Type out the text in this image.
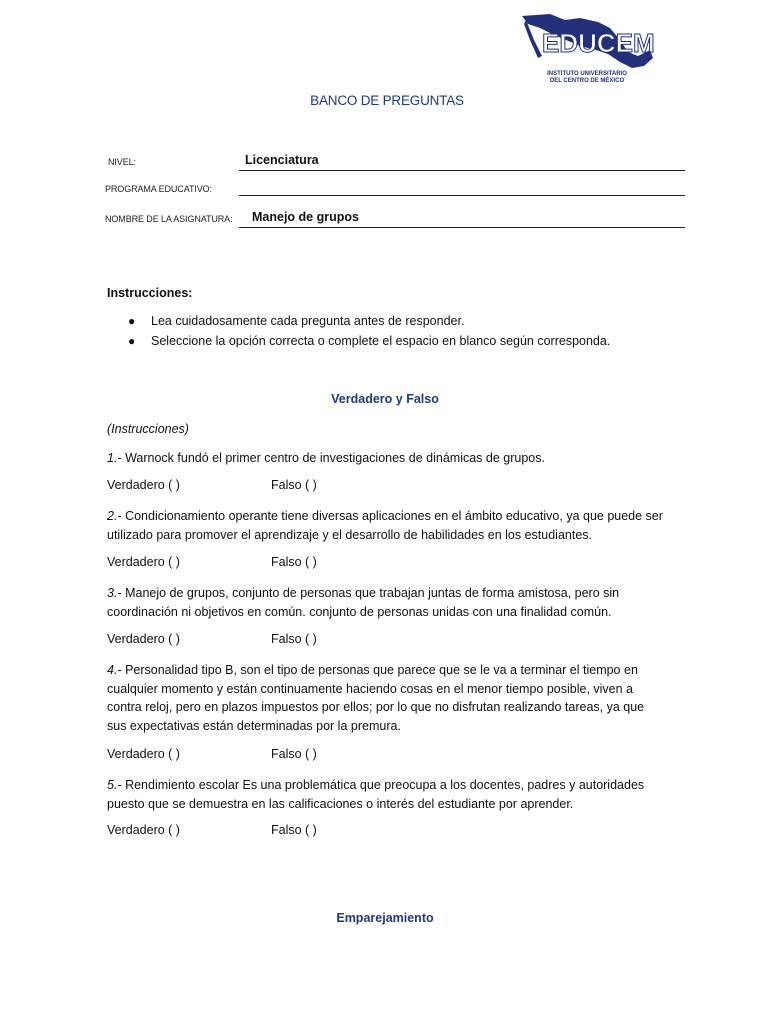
EDUCEM
INSTITUTO UNIVERSITARIO
DEL CENTRO DE MÉXICO
BANCO DE PREGUNTAS
NIVEL:	Licenciatura
PROGRAMA EDUCATIVO:
NOMBRE DE LA ASIGNATURA: Manejo de grupos
Instrucciones:
●	Lea cuidadosamente cada pregunta antes de responder.
●	Seleccione la opción correcta o complete el espacio en blanco según corresponda.
Verdadero y Falso
(Instrucciones)
1.- Warnock fundó el primer centro de investigaciones de dinámicas de grupos.
Verdadero ( )	Falso ( )
2.- Condicionamiento operante tiene diversas aplicaciones en el ámbito educativo, ya que puede ser utilizado para promover el aprendizaje y el desarrollo de habilidades en los estudiantes.
Verdadero ( )	Falso ( )
3.- Manejo de grupos, conjunto de personas que trabajan juntas de forma amistosa, pero sin coordinación ni objetivos en común. conjunto de personas unidas con una finalidad común.
Verdadero ( )	Falso ( )
4.- Personalidad tipo B, son el tipo de personas que parece que se le va a terminar el tiempo en cualquier momento y están continuamente haciendo cosas en el menor tiempo posible, viven a contra reloj, pero en plazos impuestos por ellos; por lo que no disfrutan realizando tareas, ya que sus expectativas están determinadas por la premura.
Verdadero ( )	Falso ( )
5.- Rendimiento escolar Es una problemática que preocupa a los docentes, padres y autoridades puesto que se demuestra en las calificaciones o interés del estudiante por aprender.
Verdadero ( )	Falso ( )
Emparejamiento
